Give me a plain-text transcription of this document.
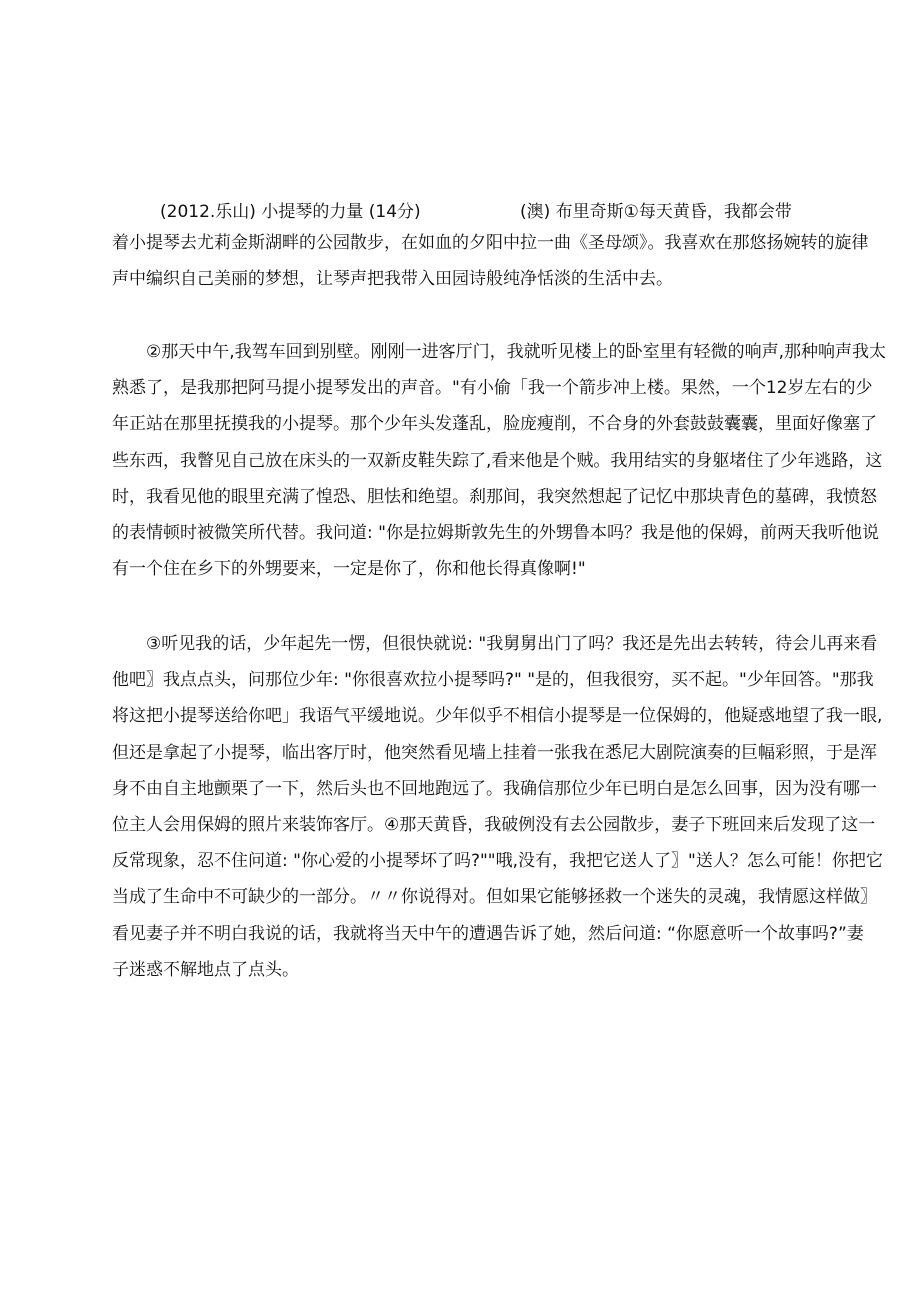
(2012.乐山) 小提琴的力量 (14分)	(澳) 布里奇斯①每天黄昏，我都会带
着小提琴去尤莉金斯湖畔的公园散步，在如血的夕阳中拉一曲《圣母颂》。我喜欢在那悠扬婉转的旋律
声中编织自己美丽的梦想，让琴声把我带入田园诗般纯净恬淡的生活中去。
②那天中午,我驾车回到别壁。刚刚一进客厅门，我就听见楼上的卧室里有轻微的响声,那种响声我太
熟悉了，是我那把阿马提小提琴发出的声音。"有小偷「我一个箭步冲上楼。果然，一个12岁左右的少
年正站在那里抚摸我的小提琴。那个少年头发蓬乱，脸庞瘦削，不合身的外套鼓鼓囊囊，里面好像塞了
些东西，我瞥见自己放在床头的一双新皮鞋失踪了,看来他是个贼。我用结实的身躯堵住了少年逃路，这
时，我看见他的眼里充满了惶恐、胆怯和绝望。刹那间，我突然想起了记忆中那块青色的墓碑，我愤怒
的表情顿时被微笑所代替。我问道: "你是拉姆斯敦先生的外甥鲁本吗？我是他的保姆，前两天我听他说
有一个住在乡下的外甥要来，一定是你了，你和他长得真像啊!"
③听见我的话，少年起先一愣，但很快就说: "我舅舅出门了吗？我还是先出去转转，待会儿再来看
他吧〗我点点头，问那位少年: "你很喜欢拉小提琴吗?" "是的，但我很穷，买不起。"少年回答。"那我
将这把小提琴送给你吧」我语气平缓地说。少年似乎不相信小提琴是一位保姆的，他疑惑地望了我一眼,
但还是拿起了小提琴，临出客厅时，他突然看见墙上挂着一张我在悉尼大剧院演奏的巨幅彩照，于是浑
身不由自主地颤栗了一下，然后头也不回地跑远了。我确信那位少年已明白是怎么回事，因为没有哪一
位主人会用保姆的照片来装饰客厅。④那天黄昏，我破例没有去公园散步，妻子下班回来后发现了这一
反常现象，忍不住问道: "你心爱的小提琴坏了吗?""哦,没有，我把它送人了〗"送人？怎么可能！你把它
当成了生命中不可缺少的一部分。〃〃你说得对。但如果它能够拯救一个迷失的灵魂，我情愿这样做〗
看见妻子并不明白我说的话，我就将当天中午的遭遇告诉了她，然后问道: “你愿意听一个故事吗?”妻
子迷惑不解地点了点头。
